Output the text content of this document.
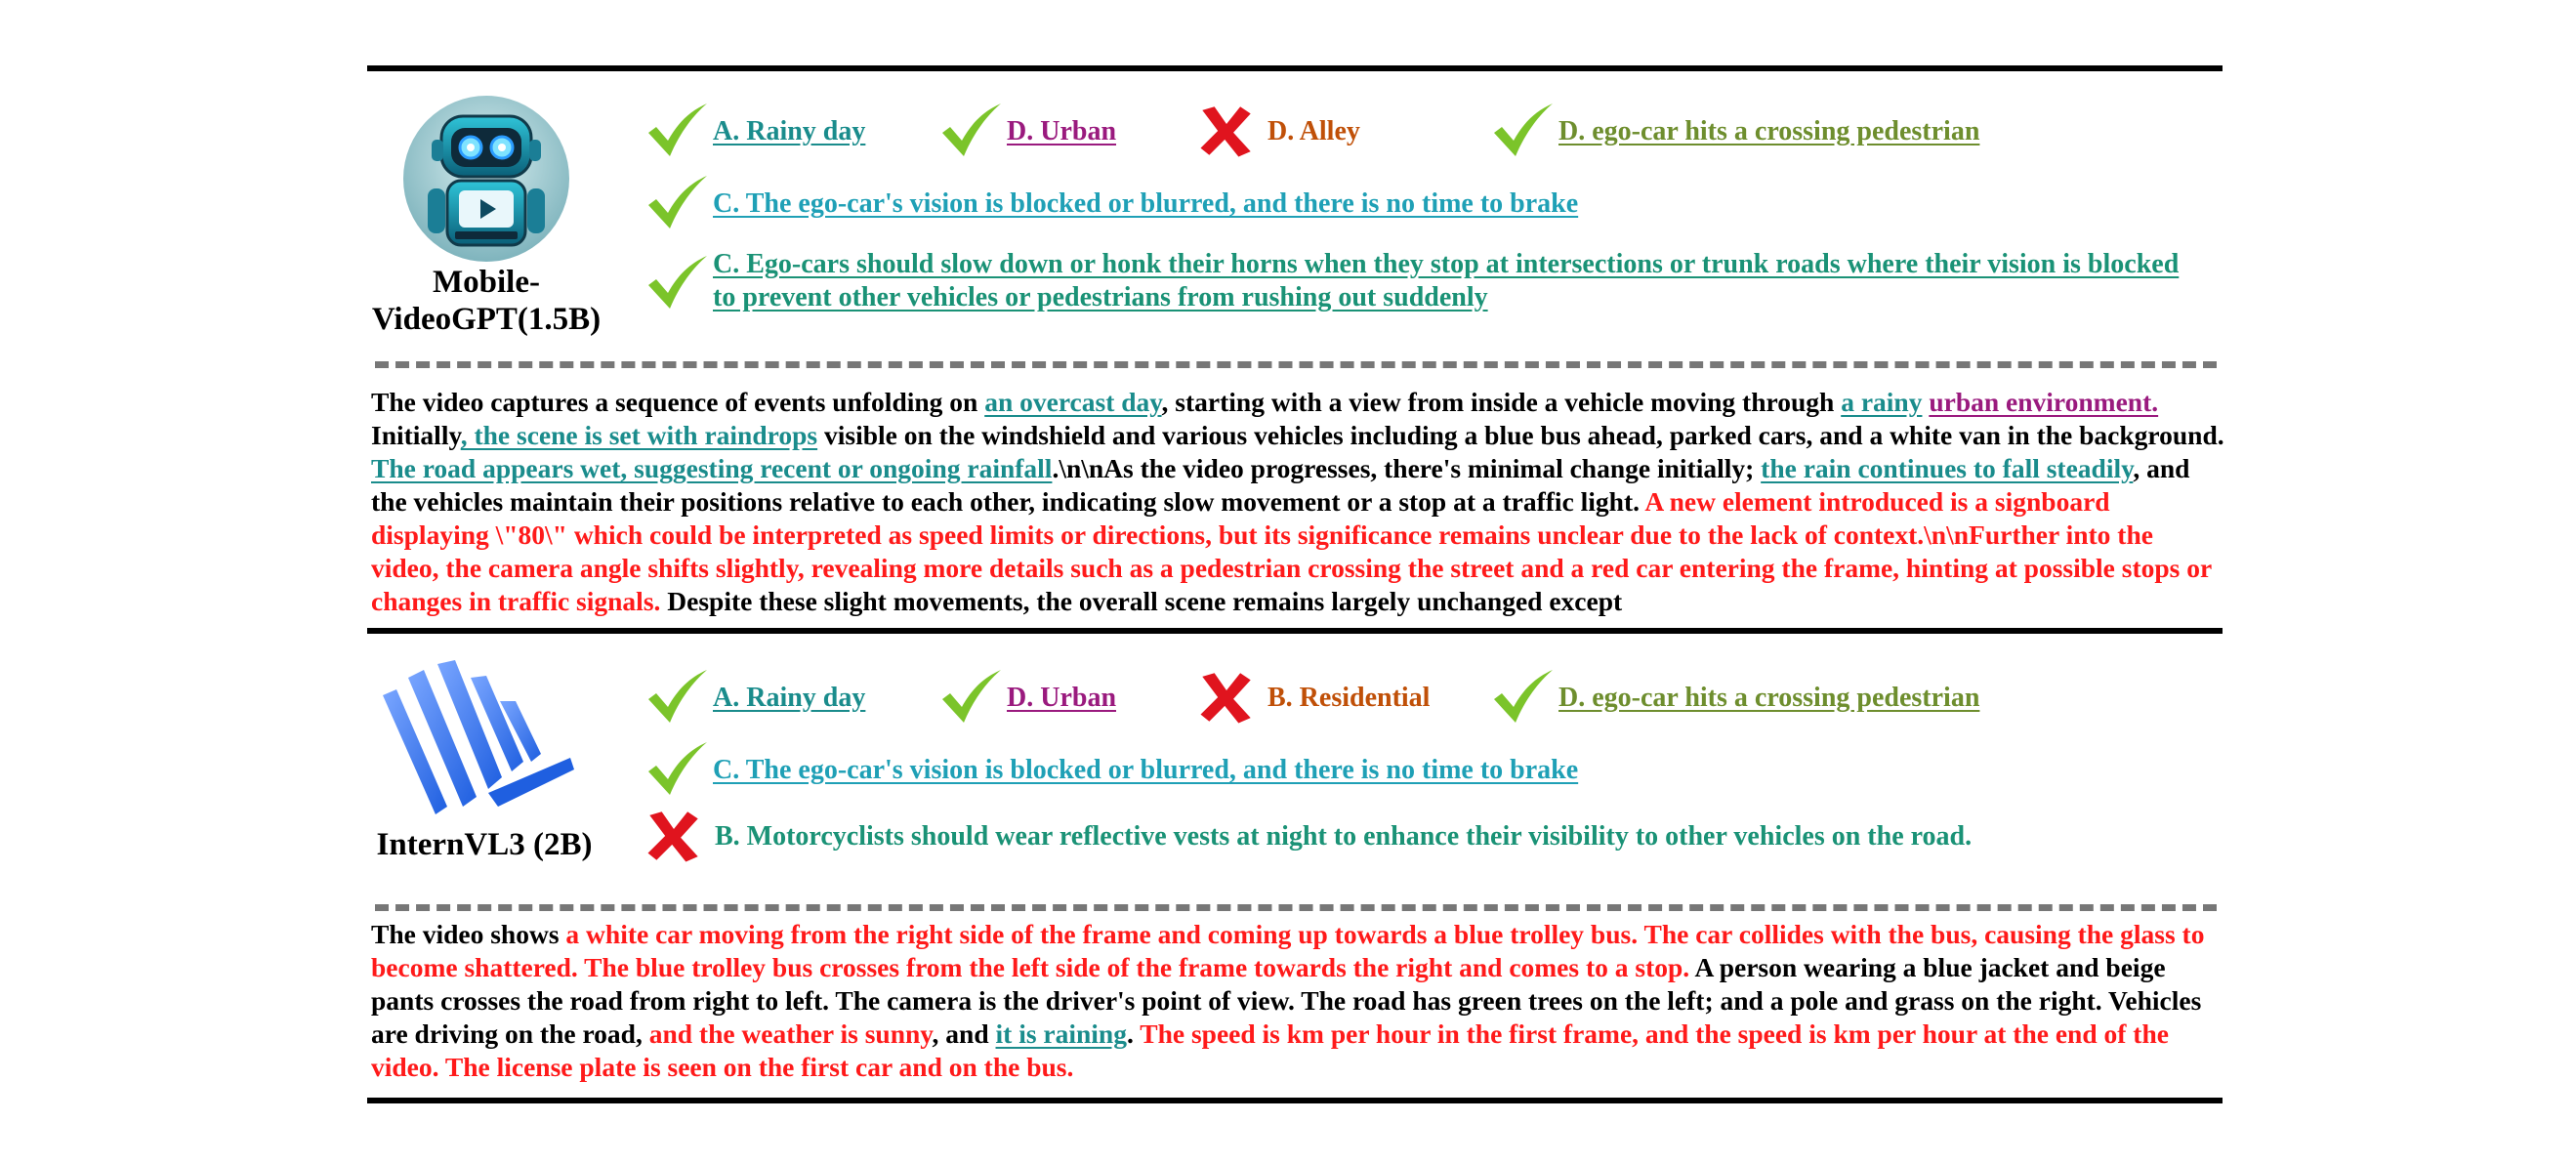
Mobile-
VideoGPT(1.5B)
A. Rainy day	D. Urban	D. Alley	D. ego-car hits a crossing pedestrian
C. The ego-car's vision is blocked or blurred, and there is no time to brake
C. Ego-cars should slow down or honk their horns when they stop at intersections or trunk roads where their vision is blocked
to prevent other vehicles or pedestrians from rushing out suddenly
The video captures a sequence of events unfolding on an overcast day, starting with a view from inside a vehicle moving through a rainy urban environment. Initially, the scene is set with raindrops visible on the windshield and various vehicles including a blue bus ahead, parked cars, and a white van in the background. The road appears wet, suggesting recent or ongoing rainfall.\n\nAs the video progresses, there's minimal change initially; the rain continues to fall steadily, and the vehicles maintain their positions relative to each other, indicating slow movement or a stop at a traffic light. A new element introduced is a signboard displaying \"80\" which could be interpreted as speed limits or directions, but its significance remains unclear due to the lack of context.\n\nFurther into the video, the camera angle shifts slightly, revealing more details such as a pedestrian crossing the street and a red car entering the frame, hinting at possible stops or changes in traffic signals. Despite these slight movements, the overall scene remains largely unchanged except
InternVL3 (2B)
A. Rainy day	D. Urban	B. Residential	D. ego-car hits a crossing pedestrian
C. The ego-car's vision is blocked or blurred, and there is no time to brake
B. Motorcyclists should wear reflective vests at night to enhance their visibility to other vehicles on the road.
The video shows a white car moving from the right side of the frame and coming up towards a blue trolley bus. The car collides with the bus, causing the glass to become shattered. The blue trolley bus crosses from the left side of the frame towards the right and comes to a stop. A person wearing a blue jacket and beige pants crosses the road from right to left. The camera is the driver's point of view. The road has green trees on the left; and a pole and grass on the right. Vehicles are driving on the road, and the weather is sunny, and it is raining. The speed is km per hour in the first frame, and the speed is km per hour at the end of the video. The license plate is seen on the first car and on the bus.
